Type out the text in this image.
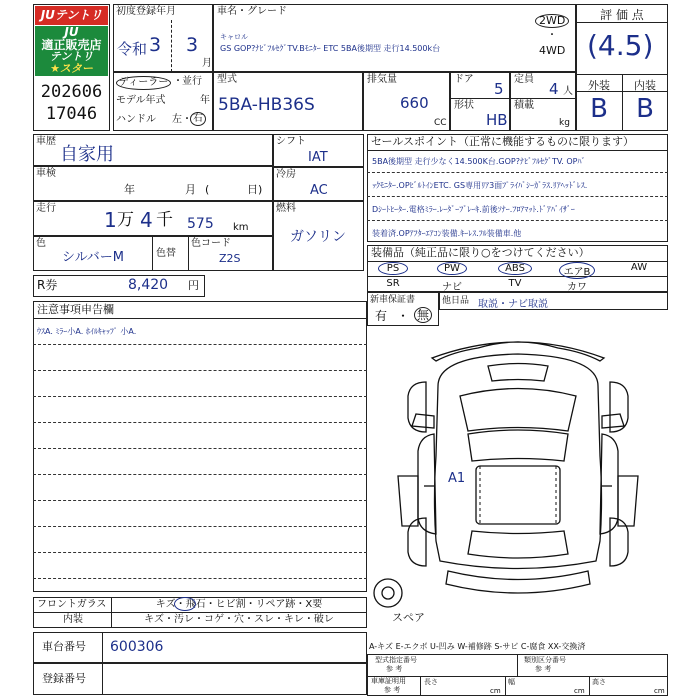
JUテントリ
JU
適正販売店
テントリ
★スター
202606
17046
初度登録年月
令和 3 3
月
車名・グレード
キャロル
GS GOP?ﾅﾋﾞﾌﾙｾｸﾞTV.Bﾓﾆﾀｰ ETC 5BA後期型 走行14.500k台
2WD
・
4WD
評 価 点
(4.5)
外装	内装
B	B
ディーラー ・ 並行
モデル年式	年
ハンドル 左 ・ 右
型式
5BA-HB36S
排気量
660
CC
ドア
5
形状
HB
定員
4 人
積載
kg
車歴
自家用
車検
年	月 (	日)
走行 1 万 4 千 575 km
色
シルバーM	色替
色コード
Z2S
シフト
IAT
冷房
AC
燃料
ガソリン
R券	8,420 円
セールスポイント（正常に機能するものに限ります）
5BA後期型 走行少なく14.500K台.GOP?ﾅﾋﾞﾌﾙｾｸﾞTV. OPﾊﾞ
ｯｸﾓﾆﾀｰ.OPﾋﾞﾙﾄｲﾝETC. GS専用ﾘｱ3面ﾌﾟﾗｲﾊﾞｼｰｶﾞﾗｽ.ﾘｱﾍｯﾄﾞﾚｽ.
Dｼｰﾄﾋｰﾀｰ.電格ﾐﾗｰ.ﾚｰﾀﾞｰﾌﾞﾚｰｷ.前後ｿﾅｰ.ﾌﾛｱﾏｯﾄ.ﾄﾞｱﾊﾞｲｻﾞｰ
装着済.OPｱﾌﾀｰｴｱｺﾝ装備.ｷｰﾚｽ.ﾌﾙ装備車.他
装備品（純正品に限り○をつけてください）
PS	PW	ABS	エアB	AW
SR	ナビ	TV	カワ
新車保証書
有 ・ 無
他日品 取説・ナビ取説
注意事項申告欄
ｳｽA. ﾐﾗｰ小A. ﾎｲﾙｷｬｯﾌﾟ 小A.
A1
スペア
フロントガラス	キズ・飛石・ヒビ割・リペア跡・X要
内装	キズ・汚レ・コゲ・穴・スレ・キレ・破レ
車台番号 600306
登録番号
A-キズ E-エクボ U-凹み W-補修跡 S-サビ C-腐食 XX-交換済
型式指定番号
参 考
類別区分番号
参 考
車庫証明用
参 考
長さ
cm
幅
cm
高さ
cm
